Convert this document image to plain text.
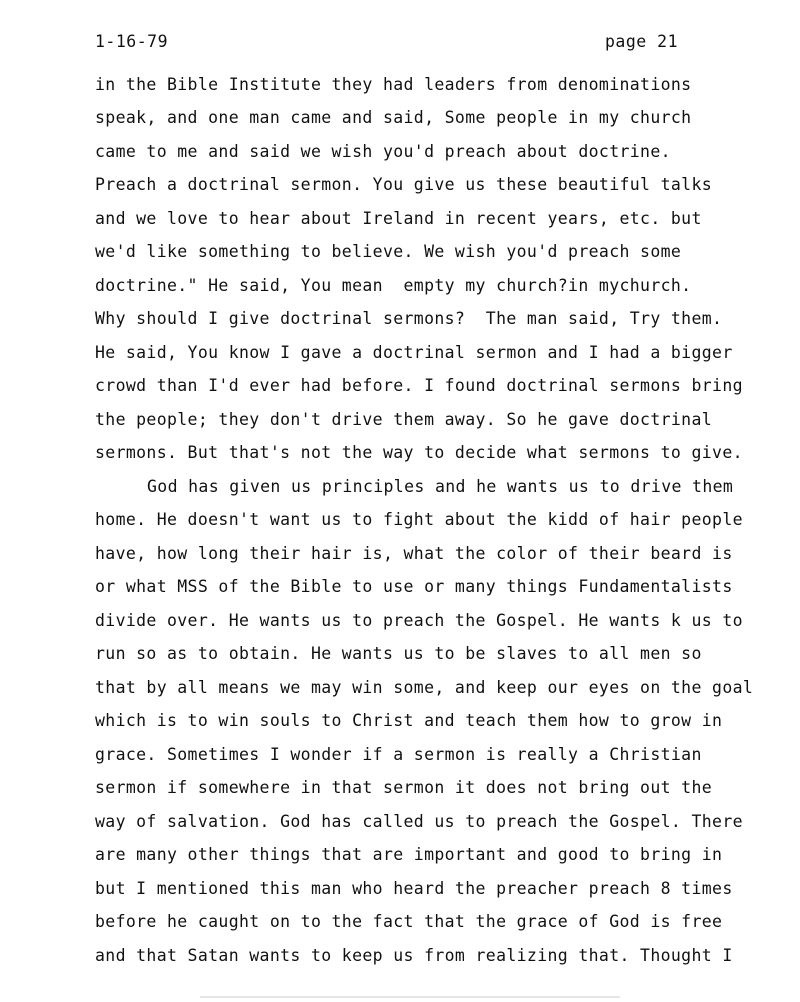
1-16-79	page 21
in the Bible Institute they had leaders from denominations
speak, and one man came and said, Some people in my church
came to me and said we wish you'd preach about doctrine.
Preach a doctrinal sermon. You give us these beautiful talks
and we love to hear about Ireland in recent years, etc. but
we'd like something to believe. We wish you'd preach some
doctrine." He said, You mean  empty my church?in mychurch.
Why should I give doctrinal sermons?  The man said, Try them.
He said, You know I gave a doctrinal sermon and I had a bigger
crowd than I'd ever had before. I found doctrinal sermons bring
the people; they don't drive them away. So he gave doctrinal
sermons. But that's not the way to decide what sermons to give.
God has given us principles and he wants us to drive them
home. He doesn't want us to fight about the kidd of hair people
have, how long their hair is, what the color of their beard is
or what MSS of the Bible to use or many things Fundamentalists
divide over. He wants us to preach the Gospel. He wants k us to
run so as to obtain. He wants us to be slaves to all men so
that by all means we may win some, and keep our eyes on the goal
which is to win souls to Christ and teach them how to grow in
grace. Sometimes I wonder if a sermon is really a Christian
sermon if somewhere in that sermon it does not bring out the
way of salvation. God has called us to preach the Gospel. There
are many other things that are important and good to bring in
but I mentioned this man who heard the preacher preach 8 times
before he caught on to the fact that the grace of God is free
and that Satan wants to keep us from realizing that. Thought I
